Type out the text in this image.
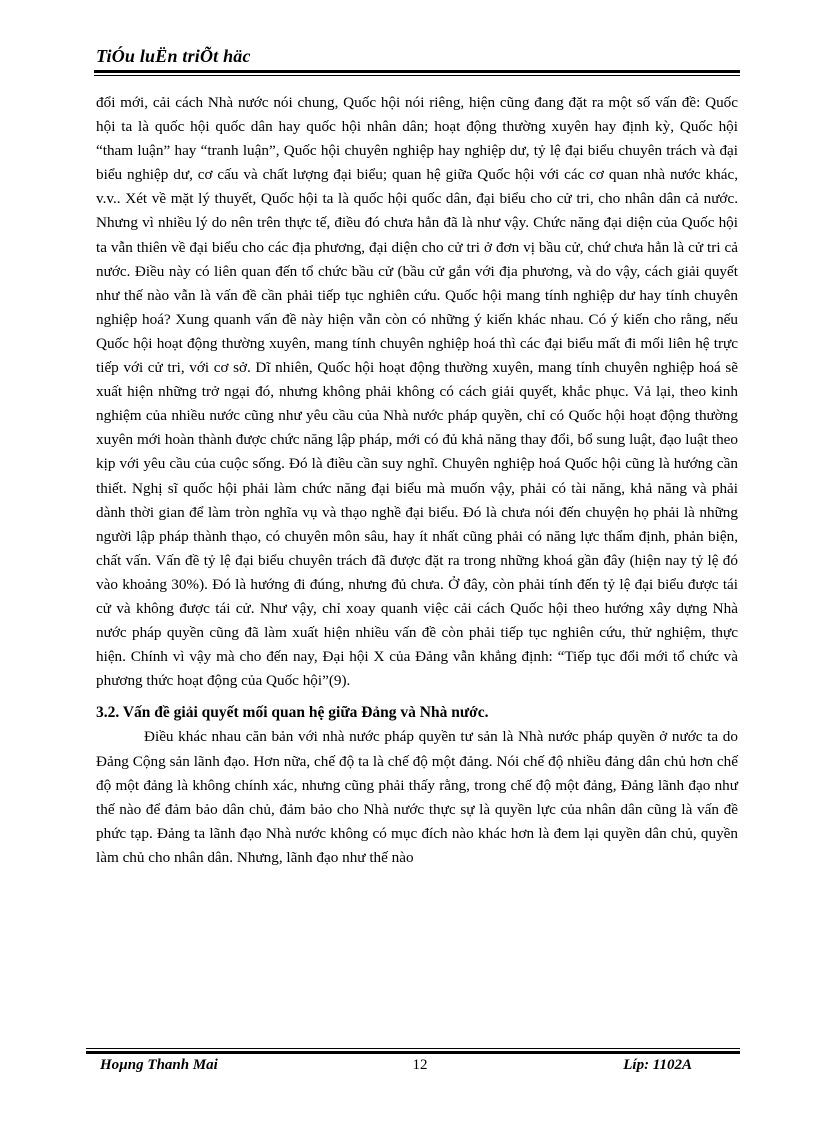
TiÓu luËn triÕt häc

đổi mới, cải cách Nhà nước nói chung, Quốc hội nói riêng, hiện cũng đang đặt ra một số vấn đề: Quốc hội ta là quốc hội quốc dân hay quốc hội nhân dân; hoạt động thường xuyên hay định kỳ, Quốc hội “tham luận” hay “tranh luận”, Quốc hội chuyên nghiệp hay nghiệp dư, tỷ lệ đại biểu chuyên trách và đại biểu nghiệp dư, cơ cấu và chất lượng đại biểu; quan hệ giữa Quốc hội với các cơ quan nhà nước khác, v.v.. Xét về mặt lý thuyết, Quốc hội ta là quốc hội quốc dân, đại biểu cho cử tri, cho nhân dân cả nước. Nhưng vì nhiều lý do nên trên thực tế, điều đó chưa hẳn đã là như vậy. Chức năng đại diện của Quốc hội ta vẫn thiên về đại biểu cho các địa phương, đại diện cho cử tri ở đơn vị bầu cử, chứ chưa hẳn là cử tri cả nước. Điều này có liên quan đến tổ chức bầu cử (bầu cử gắn với địa phương, và do vậy, cách giải quyết như thế nào vẫn là vấn đề cần phải tiếp tục nghiên cứu. Quốc hội mang tính nghiệp dư hay tính chuyên nghiệp hoá? Xung quanh vấn đề này hiện vẫn còn có những ý kiến khác nhau. Có ý kiến cho rằng, nếu Quốc hội hoạt động thường xuyên, mang tính chuyên nghiệp hoá thì các đại biểu mất đi mối liên hệ trực tiếp với cử tri, với cơ sở. Dĩ nhiên, Quốc hội hoạt động thường xuyên, mang tính chuyên nghiệp hoá sẽ xuất hiện những trở ngại đó, nhưng không phải không có cách giải quyết, khắc phục. Vả lại, theo kinh nghiệm của nhiều nước cũng như yêu cầu của Nhà nước pháp quyền, chỉ có Quốc hội hoạt động thường xuyên mới hoàn thành được chức năng lập pháp, mới có đủ khả năng thay đổi, bổ sung luật, đạo luật theo kịp với yêu cầu của cuộc sống. Đó là điều cần suy nghĩ. Chuyên nghiệp hoá Quốc hội cũng là hướng cần thiết. Nghị sĩ quốc hội phải làm chức năng đại biểu mà muốn vậy, phải có tài năng, khả năng và phải dành thời gian để làm tròn nghĩa vụ và thạo nghề đại biểu. Đó là chưa nói đến chuyện họ phải là những người lập pháp thành thạo, có chuyên môn sâu, hay ít nhất cũng phải có năng lực thẩm định, phản biện, chất vấn. Vấn đề tỷ lệ đại biểu chuyên trách đã được đặt ra trong những khoá gần đây (hiện nay tỷ lệ đó vào khoảng 30%). Đó là hướng đi đúng, nhưng đủ chưa. Ở đây, còn phải tính đến tỷ lệ đại biểu được tái cử và không được tái cử. Như vậy, chỉ xoay quanh việc cải cách Quốc hội theo hướng xây dựng Nhà nước pháp quyền cũng đã làm xuất hiện nhiều vấn đề còn phải tiếp tục nghiên cứu, thử nghiệm, thực hiện. Chính vì vậy mà cho đến nay, Đại hội X của Đảng vẫn khẳng định: “Tiếp tục đổi mới tổ chức và phương thức hoạt động của Quốc hội”(9).

3.2. Vấn đề giải quyết mối quan hệ giữa Đảng và Nhà nước.

Điều khác nhau căn bản với nhà nước pháp quyền tư sản là Nhà nước pháp quyền ở nước ta do Đảng Cộng sản lãnh đạo. Hơn nữa, chế độ ta là chế độ một đảng. Nói chế độ nhiều đảng dân chủ hơn chế độ một đảng là không chính xác, nhưng cũng phải thấy rằng, trong chế độ một đảng, Đảng lãnh đạo như thế nào để đảm bảo dân chủ, đảm bảo cho Nhà nước thực sự là quyền lực của nhân dân cũng là vấn đề phức tạp. Đảng ta lãnh đạo Nhà nước không có mục đích nào khác hơn là đem lại quyền dân chủ, quyền làm chủ cho nhân dân. Nhưng, lãnh đạo như thế nào

Hoµng Thanh Mai	12	Líp: 1102A
